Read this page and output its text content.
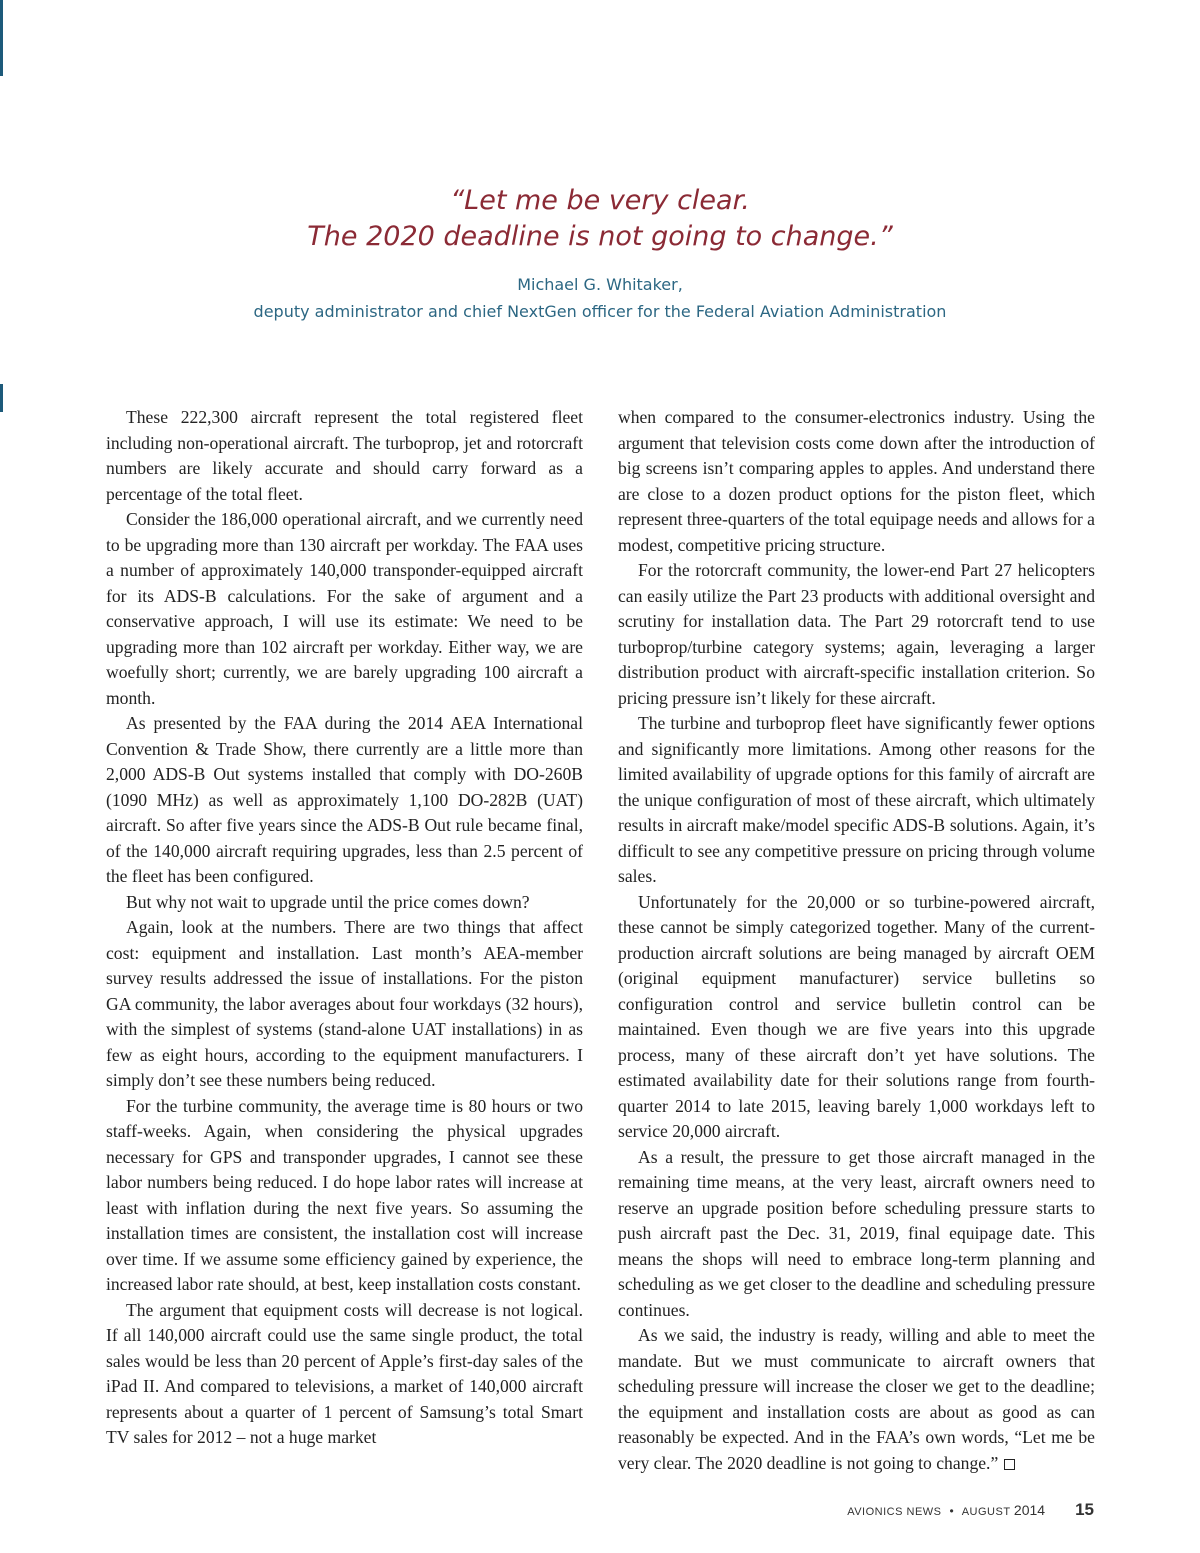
“Let me be very clear.

The 2020 deadline is not going to change.”

Michael G. Whitaker,
deputy administrator and chief NextGen officer for the Federal Aviation Administration

These 222,300 aircraft represent the total registered fleet including non-operational aircraft. The turboprop, jet and rotorcraft numbers are likely accurate and should carry forward as a percentage of the total fleet.

Consider the 186,000 operational aircraft, and we currently need to be upgrading more than 130 aircraft per workday. The FAA uses a number of approximately 140,000 transponder-equipped aircraft for its ADS-B calculations. For the sake of argument and a conservative approach, I will use its estimate: We need to be upgrading more than 102 aircraft per workday. Either way, we are woefully short; currently, we are barely upgrading 100 aircraft a month.

As presented by the FAA during the 2014 AEA International Convention & Trade Show, there currently are a little more than 2,000 ADS-B Out systems installed that comply with DO-260B (1090 MHz) as well as approximately 1,100 DO-282B (UAT) aircraft. So after five years since the ADS-B Out rule became final, of the 140,000 aircraft requiring upgrades, less than 2.5 percent of the fleet has been configured.

But why not wait to upgrade until the price comes down?

Again, look at the numbers. There are two things that affect cost: equipment and installation. Last month’s AEA-member survey results addressed the issue of installations. For the piston GA community, the labor averages about four workdays (32 hours), with the simplest of systems (stand-alone UAT installations) in as few as eight hours, according to the equipment manufacturers. I simply don’t see these numbers being reduced.

For the turbine community, the average time is 80 hours or two staff-weeks. Again, when considering the physical upgrades necessary for GPS and transponder upgrades, I cannot see these labor numbers being reduced. I do hope labor rates will increase at least with inflation during the next five years. So assuming the installation times are consistent, the installation cost will increase over time. If we assume some efficiency gained by experience, the increased labor rate should, at best, keep installation costs constant.

The argument that equipment costs will decrease is not logical. If all 140,000 aircraft could use the same single product, the total sales would be less than 20 percent of Apple’s first-day sales of the iPad II. And compared to televisions, a market of 140,000 aircraft represents about a quarter of 1 percent of Samsung’s total Smart TV sales for 2012 – not a huge market

when compared to the consumer-electronics industry. Using the argument that television costs come down after the introduction of big screens isn’t comparing apples to apples. And understand there are close to a dozen product options for the piston fleet, which represent three-quarters of the total equipage needs and allows for a modest, competitive pricing structure.

For the rotorcraft community, the lower-end Part 27 helicopters can easily utilize the Part 23 products with additional oversight and scrutiny for installation data. The Part 29 rotorcraft tend to use turboprop/turbine category systems; again, leveraging a larger distribution product with aircraft-specific installation criterion. So pricing pressure isn’t likely for these aircraft.

The turbine and turboprop fleet have significantly fewer options and significantly more limitations. Among other reasons for the limited availability of upgrade options for this family of aircraft are the unique configuration of most of these aircraft, which ultimately results in aircraft make/model specific ADS-B solutions. Again, it’s difficult to see any competitive pressure on pricing through volume sales.

Unfortunately for the 20,000 or so turbine-powered aircraft, these cannot be simply categorized together. Many of the current-production aircraft solutions are being managed by aircraft OEM (original equipment manufacturer) service bulletins so configuration control and service bulletin control can be maintained. Even though we are five years into this upgrade process, many of these aircraft don’t yet have solutions. The estimated availability date for their solutions range from fourth-quarter 2014 to late 2015, leaving barely 1,000 workdays left to service 20,000 aircraft.

As a result, the pressure to get those aircraft managed in the remaining time means, at the very least, aircraft owners need to reserve an upgrade position before scheduling pressure starts to push aircraft past the Dec. 31, 2019, final equipage date. This means the shops will need to embrace long-term planning and scheduling as we get closer to the deadline and scheduling pressure continues.

As we said, the industry is ready, willing and able to meet the mandate. But we must communicate to aircraft owners that scheduling pressure will increase the closer we get to the deadline; the equipment and installation costs are about as good as can reasonably be expected. And in the FAA’s own words, “Let me be very clear. The 2020 deadline is not going to change.”

AVIONICS NEWS • AUGUST 2014 15
